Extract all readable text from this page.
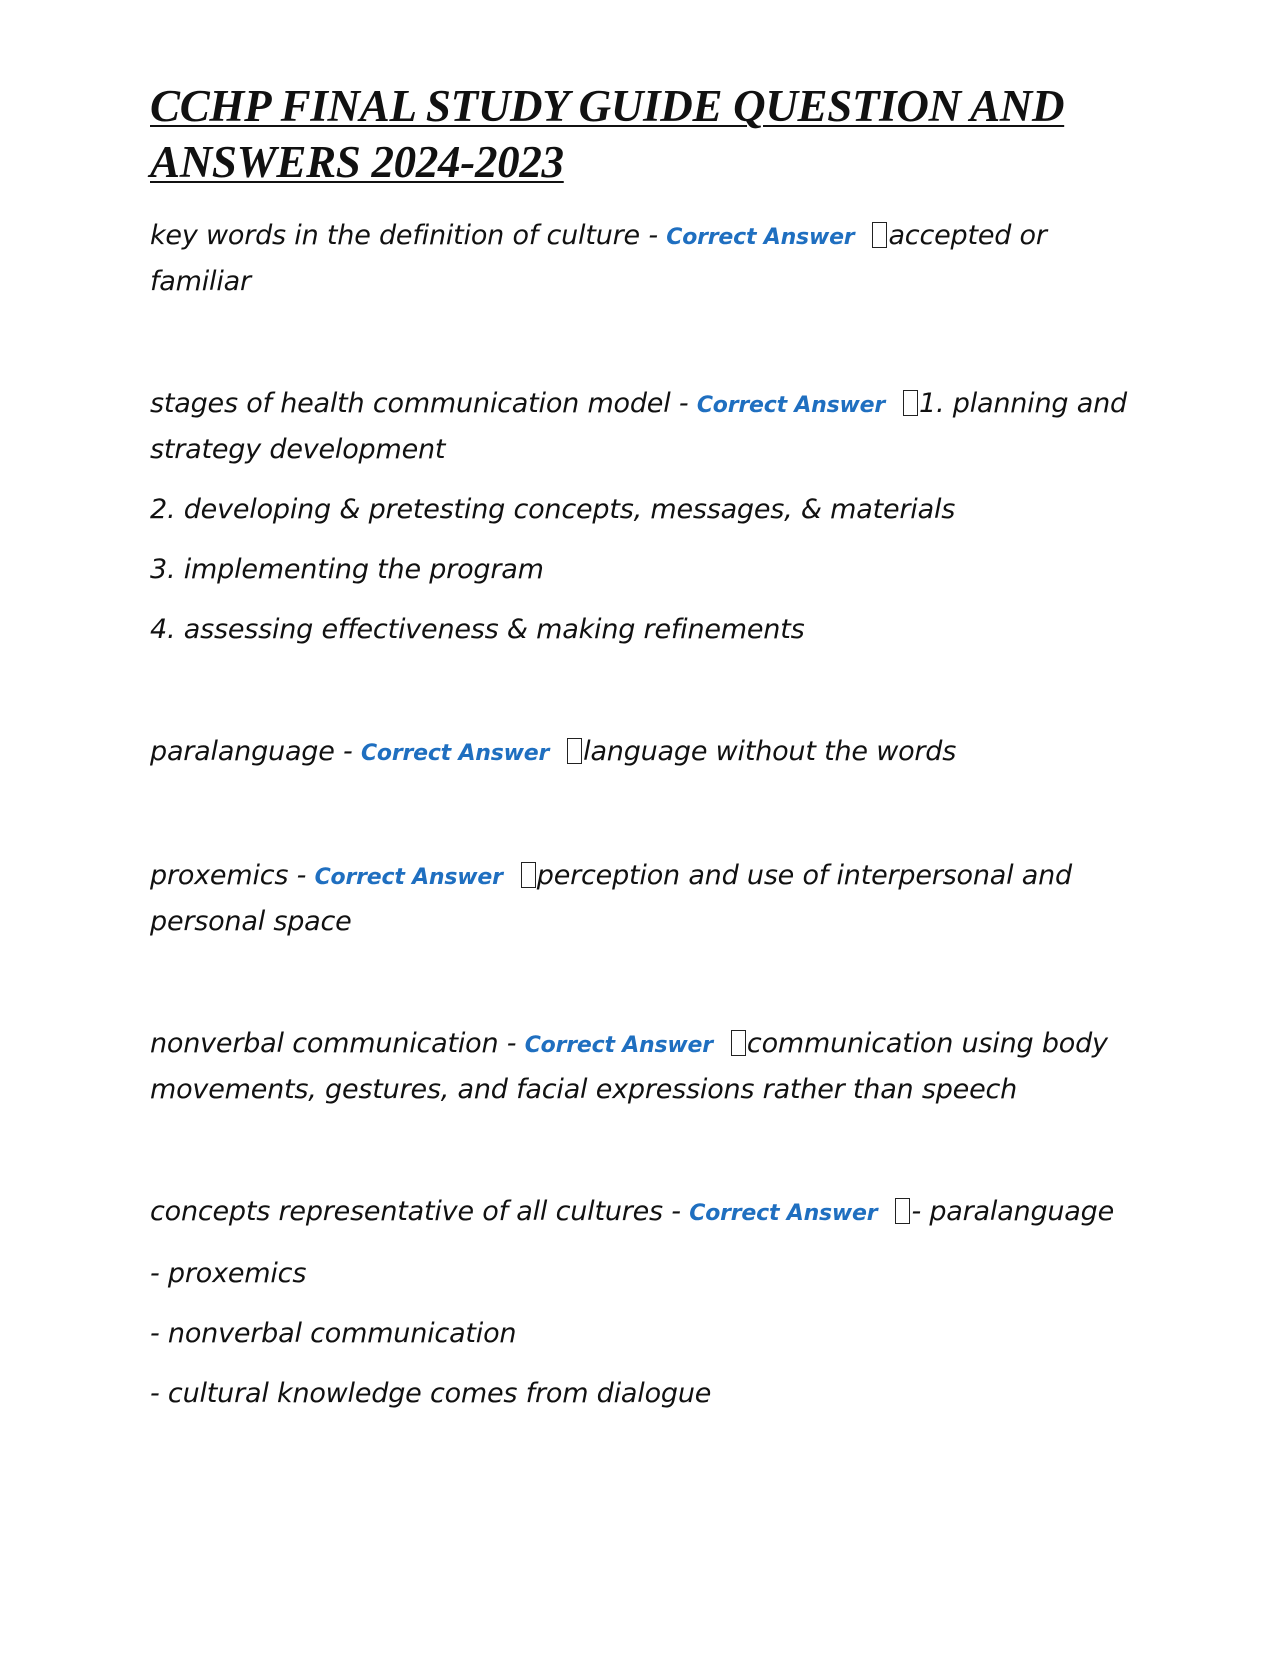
CCHP FINAL STUDY GUIDE QUESTION AND ANSWERS 2024-2023

key words in the definition of culture - Correct Answer accepted or familiar

stages of health communication model - Correct Answer 1. planning and strategy development

2. developing & pretesting concepts, messages, & materials

3. implementing the program

4. assessing effectiveness & making refinements

paralanguage - Correct Answer language without the words

proxemics - Correct Answer perception and use of interpersonal and personal space

nonverbal communication - Correct Answer communication using body movements, gestures, and facial expressions rather than speech

concepts representative of all cultures - Correct Answer - paralanguage

- proxemics

- nonverbal communication

- cultural knowledge comes from dialogue
